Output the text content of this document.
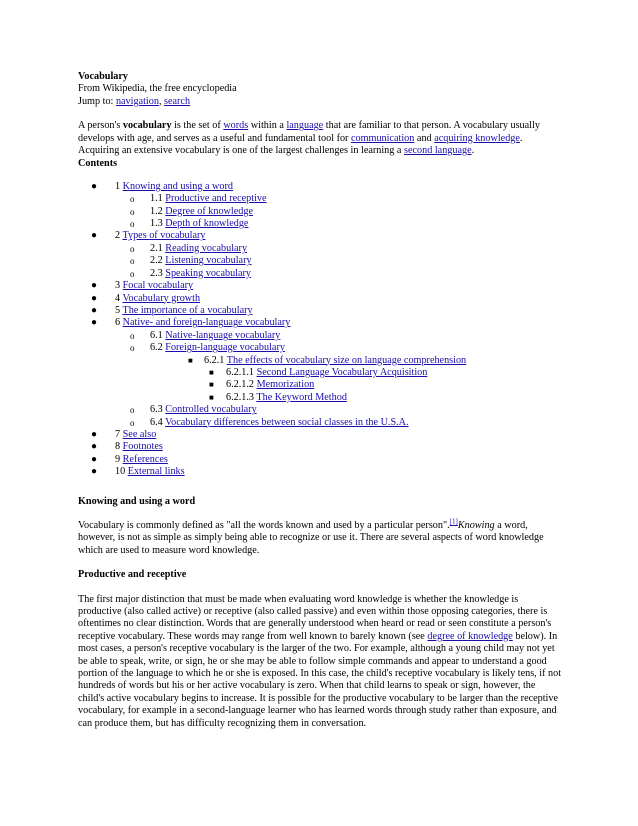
Vocabulary
From Wikipedia, the free encyclopedia
Jump to: navigation, search

A person's vocabulary is the set of words within a language that are familiar to that person. A vocabulary usually develops with age, and serves as a useful and fundamental tool for communication and acquiring knowledge. Acquiring an extensive vocabulary is one of the largest challenges in learning a second language.

Contents
● 1 Knowing and using a word
o 1.1 Productive and receptive
o 1.2 Degree of knowledge
o 1.3 Depth of knowledge
● 2 Types of vocabulary
o 2.1 Reading vocabulary
o 2.2 Listening vocabulary
o 2.3 Speaking vocabulary
● 3 Focal vocabulary
● 4 Vocabulary growth
● 5 The importance of a vocabulary
● 6 Native- and foreign-language vocabulary
o 6.1 Native-language vocabulary
o 6.2 Foreign-language vocabulary
■ 6.2.1 The effects of vocabulary size on language comprehension
■ 6.2.1.1 Second Language Vocabulary Acquisition
■ 6.2.1.2 Memorization
■ 6.2.1.3 The Keyword Method
o 6.3 Controlled vocabulary
o 6.4 Vocabulary differences between social classes in the U.S.A.
● 7 See also
● 8 Footnotes
● 9 References
● 10 External links
Knowing and using a word

Vocabulary is commonly defined as "all the words known and used by a particular person".[1]Knowing a word, however, is not as simple as simply being able to recognize or use it. There are several aspects of word knowledge which are used to measure word knowledge.

Productive and receptive

The first major distinction that must be made when evaluating word knowledge is whether the knowledge is productive (also called active) or receptive (also called passive) and even within those opposing categories, there is oftentimes no clear distinction. Words that are generally understood when heard or read or seen constitute a person's receptive vocabulary. These words may range from well known to barely known (see degree of knowledge below). In most cases, a person's receptive vocabulary is the larger of the two. For example, although a young child may not yet be able to speak, write, or sign, he or she may be able to follow simple commands and appear to understand a good portion of the language to which he or she is exposed. In this case, the child's receptive vocabulary is likely tens, if not hundreds of words but his or her active vocabulary is zero. When that child learns to speak or sign, however, the child's active vocabulary begins to increase. It is possible for the productive vocabulary to be larger than the receptive vocabulary, for example in a second-language learner who has learned words through study rather than exposure, and can produce them, but has difficulty recognizing them in conversation.
